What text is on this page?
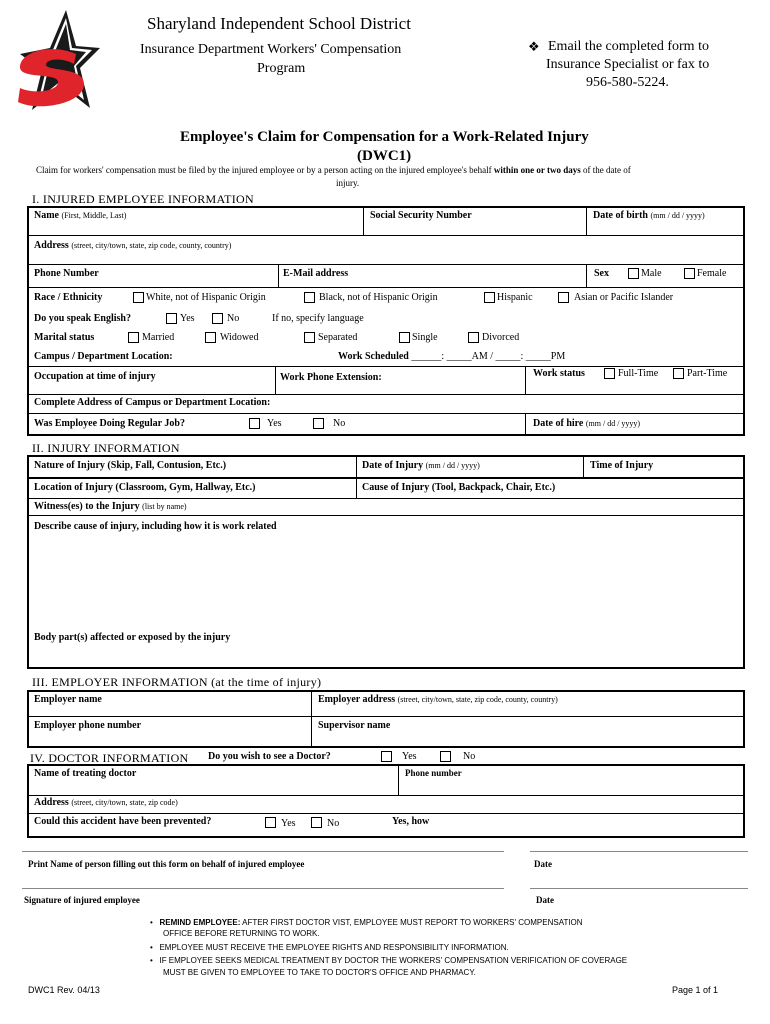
Sharyland Independent School District
Insurance Department Workers' Compensation
Program
❖ Email the completed form to
Insurance Specialist or fax to
956-580-5224.
Employee's Claim for Compensation for a Work-Related Injury
(DWC1)
Claim for workers' compensation must be filed by the injured employee or by a person acting on the injured employee's behalf within one or two days of the date of
injury.
I. INJURED EMPLOYEE INFORMATION
Name (First, Middle, Last)	Social Security Number	Date of birth (mm / dd / yyyy)
Address (street, city/town, state, zip code, county, country)
Phone Number	E-Mail address	Sex	Male	Female
Race / Ethnicity	White, not of Hispanic Origin	Black, not of Hispanic Origin	Hispanic	Asian or Pacific Islander
Do you speak English?	Yes	No	If no, specify language
Marital status	Married	Widowed	Separated	Single	Divorced
Campus / Department Location:	Work Scheduled ______: _____AM / _____: _____PM
Occupation at time of injury	Work Phone Extension:	Work status	Full-Time	Part-Time
Complete Address of Campus or Department Location:
Was Employee Doing Regular Job?	Yes	No	Date of hire (mm / dd / yyyy)
II. INJURY INFORMATION
Nature of Injury (Skip, Fall, Contusion, Etc.)	Date of Injury (mm / dd / yyyy)	Time of Injury
Location of Injury (Classroom, Gym, Hallway, Etc.)	Cause of Injury (Tool, Backpack, Chair, Etc.)
Witness(es) to the Injury (list by name)
Describe cause of injury, including how it is work related
Body part(s) affected or exposed by the injury
III. EMPLOYER INFORMATION (at the time of injury)
Employer name	Employer address (street, city/town, state, zip code, county, country)
Employer phone number	Supervisor name
IV. DOCTOR INFORMATION Do you wish to see a Doctor?	Yes	No
Name of treating doctor	Phone number
Address (street, city/town, state, zip code)
Could this accident have been prevented?	Yes	No	Yes, how
Print Name of person filling out this form on behalf of injured employee	Date
Signature of injured employee	Date
•   REMIND EMPLOYEE: AFTER FIRST DOCTOR VIST, EMPLOYEE MUST REPORT TO WORKERS' COMPENSATION
OFFICE BEFORE RETURNING TO WORK.
•   EMPLOYEE MUST RECEIVE THE EMPLOYEE RIGHTS AND RESPONSIBILITY INFORMATION.
•   IF EMPLOYEE SEEKS MEDICAL TREATMENT BY DOCTOR THE WORKERS' COMPENSATION VERIFICATION OF COVERAGE
MUST BE GIVEN TO EMPLOYEE TO TAKE TO DOCTOR'S OFFICE AND PHARMACY.
DWC1 Rev. 04/13	Page 1 of 1
